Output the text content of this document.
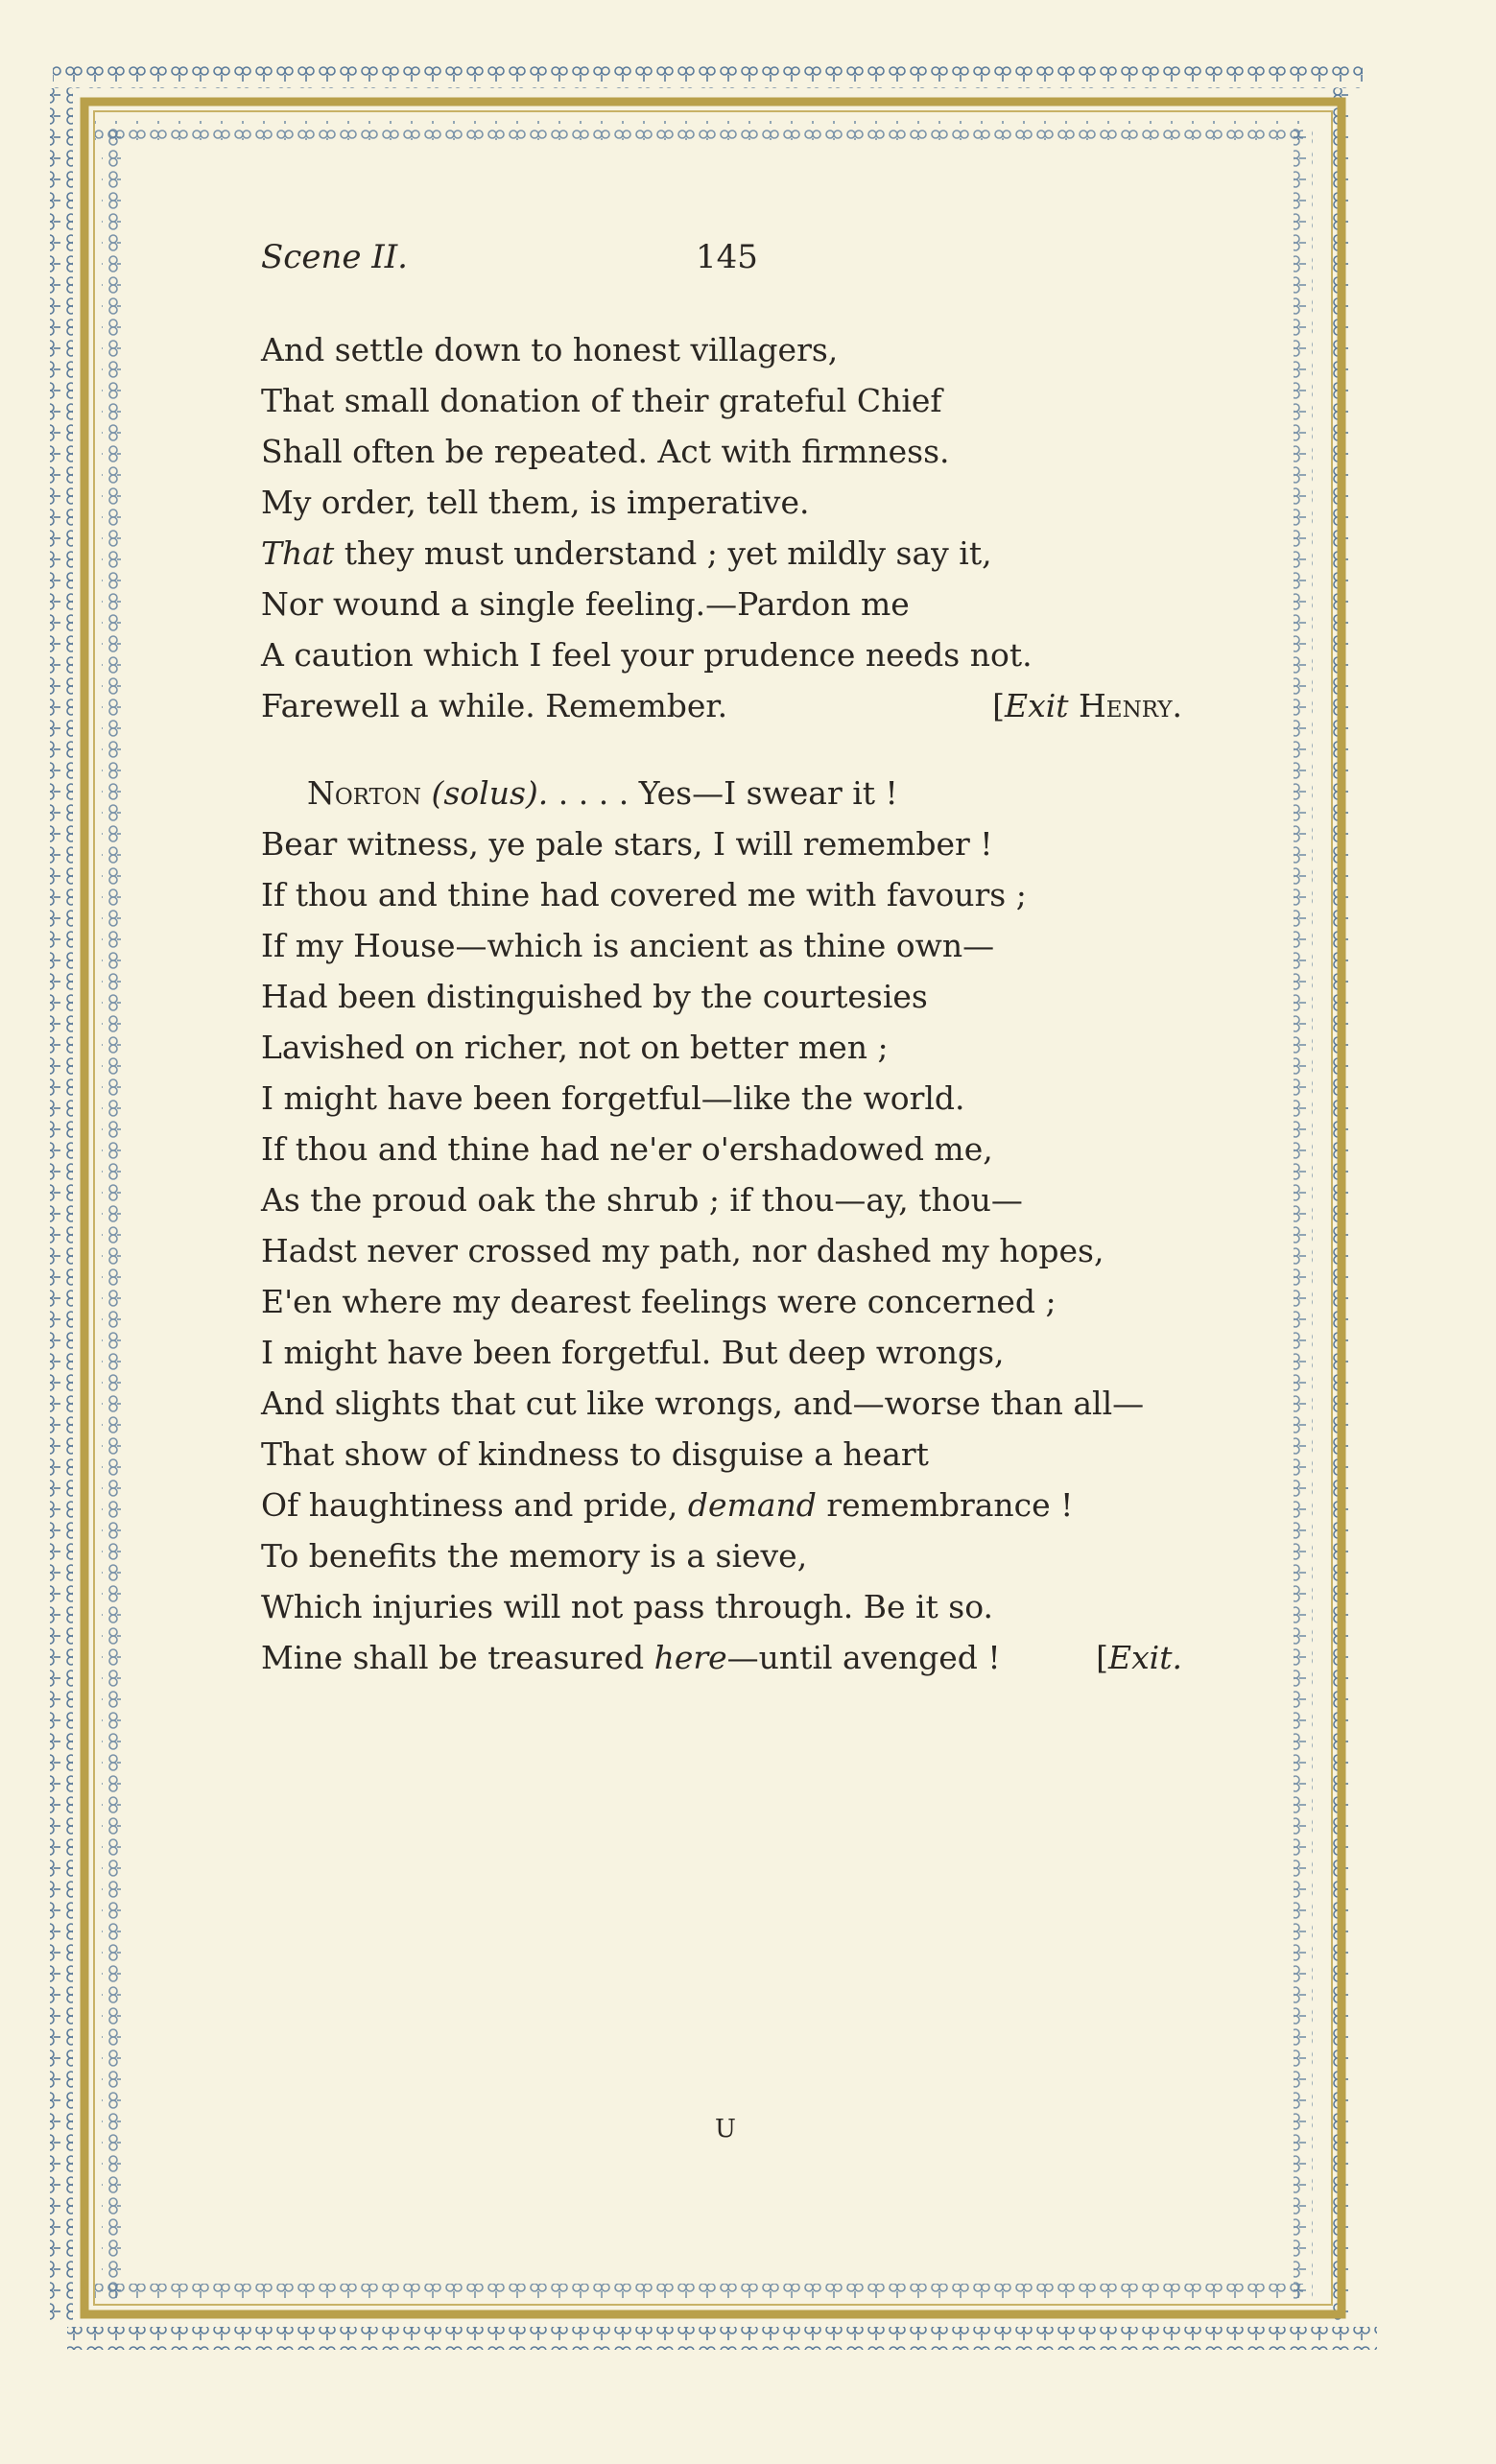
Scene II.	145
And settle down to honest villagers,
That small donation of their grateful Chief
Shall often be repeated. Act with firmness.
My order, tell them, is imperative.
That they must understand ; yet mildly say it,
Nor wound a single feeling.—Pardon me
A caution which I feel your prudence needs not.
Farewell a while. Remember.	[Exit Henry.
Norton (solus). . . . . Yes—I swear it !
Bear witness, ye pale stars, I will remember !
If thou and thine had covered me with favours ;
If my House—which is ancient as thine own—
Had been distinguished by the courtesies
Lavished on richer, not on better men ;
I might have been forgetful—like the world.
If thou and thine had ne'er o'ershadowed me,
As the proud oak the shrub ; if thou—ay, thou—
Hadst never crossed my path, nor dashed my hopes,
E'en where my dearest feelings were concerned ;
I might have been forgetful. But deep wrongs,
And slights that cut like wrongs, and—worse than all—
That show of kindness to disguise a heart
Of haughtiness and pride, demand remembrance !
To benefits the memory is a sieve,
Which injuries will not pass through. Be it so.
Mine shall be treasured here—until avenged !	[Exit.
U
